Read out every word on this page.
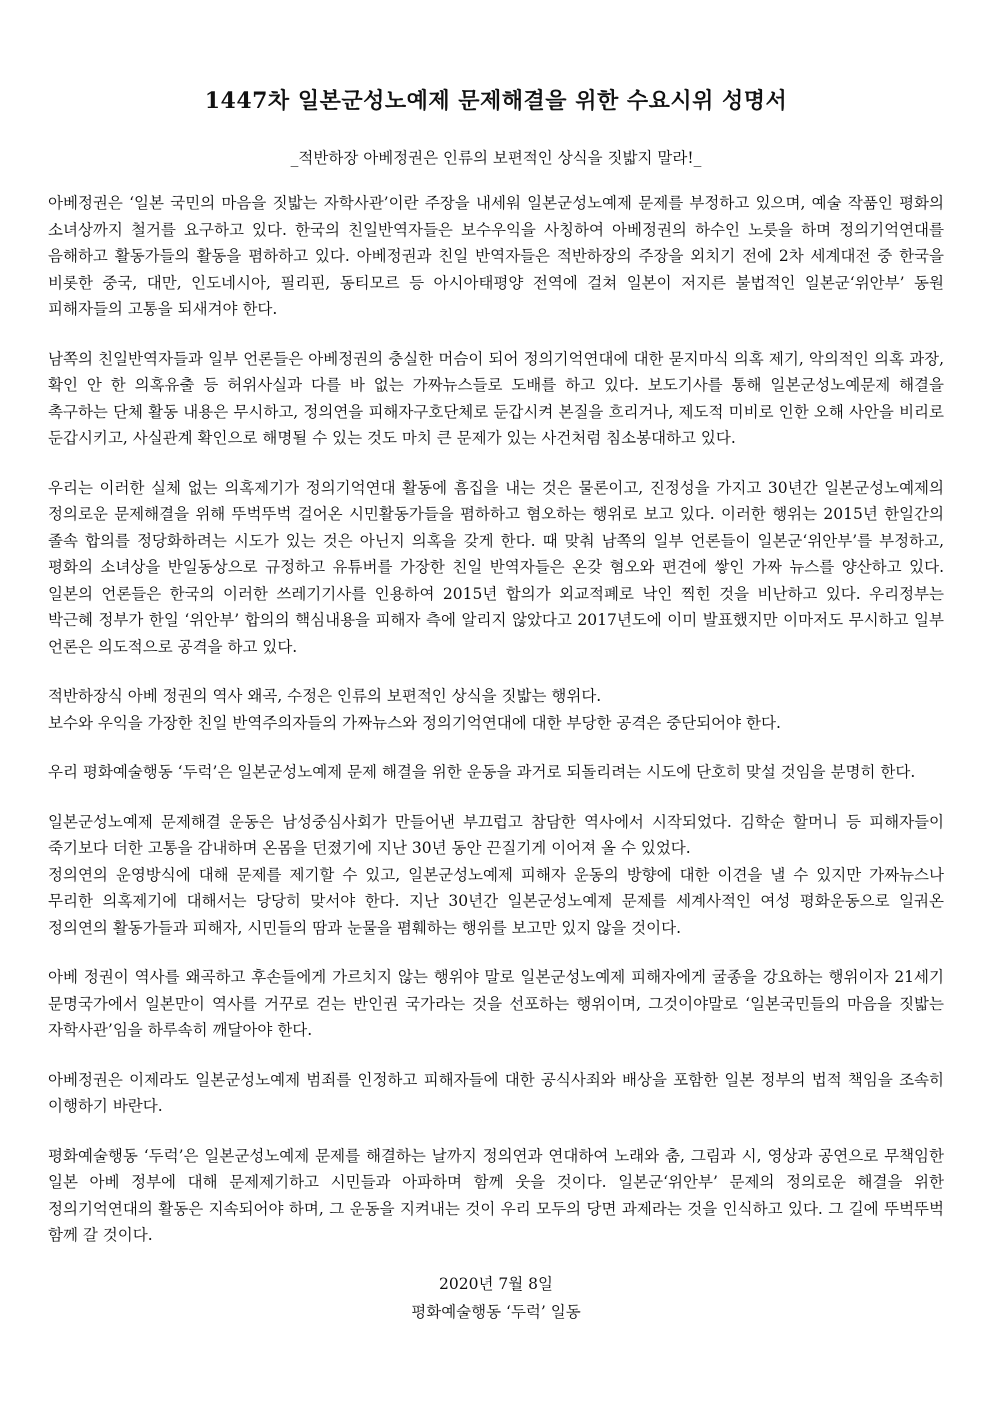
1447차 일본군성노예제 문제해결을 위한 수요시위 성명서
_적반하장 아베정권은 인류의 보편적인 상식을 짓밟지 말라!_

아베정권은 ‘일본 국민의 마음을 짓밟는 자학사관’이란 주장을 내세워 일본군성노예제 문제를 부정하고 있으며, 예술 작품인 평화의 소녀상까지 철거를 요구하고 있다. 한국의 친일반역자들은 보수우익을 사칭하여 아베정권의 하수인 노릇을 하며 정의기억연대를 음해하고 활동가들의 활동을 폄하하고 있다. 아베정권과 친일 반역자들은 적반하장의 주장을 외치기 전에 2차 세계대전 중 한국을 비롯한 중국, 대만, 인도네시아, 필리핀, 동티모르 등 아시아태평양 전역에 걸쳐 일본이 저지른 불법적인 일본군‘위안부’ 동원 피해자들의 고통을 되새겨야 한다.

남쪽의 친일반역자들과 일부 언론들은 아베정권의 충실한 머슴이 되어 정의기억연대에 대한 묻지마식 의혹 제기, 악의적인 의혹 과장, 확인 안 한 의혹유출 등 허위사실과 다를 바 없는 가짜뉴스들로 도배를 하고 있다. 보도기사를 통해 일본군성노예문제 해결을 촉구하는 단체 활동 내용은 무시하고, 정의연을 피해자구호단체로 둔갑시켜 본질을 흐리거나, 제도적 미비로 인한 오해 사안을 비리로 둔갑시키고, 사실관계 확인으로 해명될 수 있는 것도 마치 큰 문제가 있는 사건처럼 침소봉대하고 있다.

우리는 이러한 실체 없는 의혹제기가 정의기억연대 활동에 흠집을 내는 것은 물론이고, 진정성을 가지고 30년간 일본군성노예제의 정의로운 문제해결을 위해 뚜벅뚜벅 걸어온 시민활동가들을 폄하하고 혐오하는 행위로 보고 있다. 이러한 행위는 2015년 한일간의 졸속 합의를 정당화하려는 시도가 있는 것은 아닌지 의혹을 갖게 한다. 때 맞춰 남쪽의 일부 언론들이 일본군‘위안부’를 부정하고, 평화의 소녀상을 반일동상으로 규정하고 유튜버를 가장한 친일 반역자들은 온갖 혐오와 편견에 쌓인 가짜 뉴스를 양산하고 있다. 일본의 언론들은 한국의 이러한 쓰레기기사를 인용하여 2015년 합의가 외교적폐로 낙인 찍힌 것을 비난하고 있다. 우리정부는 박근혜 정부가 한일 ‘위안부’ 합의의 핵심내용을 피해자 측에 알리지 않았다고 2017년도에 이미 발표했지만 이마저도 무시하고 일부 언론은 의도적으로 공격을 하고 있다.

적반하장식 아베 정권의 역사 왜곡, 수정은 인류의 보편적인 상식을 짓밟는 행위다.

보수와 우익을 가장한 친일 반역주의자들의 가짜뉴스와 정의기억연대에 대한 부당한 공격은 중단되어야 한다.

우리 평화예술행동 ‘두럭’은 일본군성노예제 문제 해결을 위한 운동을 과거로 되돌리려는 시도에 단호히 맞설 것임을 분명히 한다.

일본군성노예제 문제해결 운동은 남성중심사회가 만들어낸 부끄럽고 참담한 역사에서 시작되었다. 김학순 할머니 등 피해자들이 죽기보다 더한 고통을 감내하며 온몸을 던졌기에 지난 30년 동안 끈질기게 이어져 올 수 있었다.

정의연의 운영방식에 대해 문제를 제기할 수 있고, 일본군성노예제 피해자 운동의 방향에 대한 이견을 낼 수 있지만 가짜뉴스나 무리한 의혹제기에 대해서는 당당히 맞서야 한다. 지난 30년간 일본군성노예제 문제를 세계사적인 여성 평화운동으로 일궈온 정의연의 활동가들과 피해자, 시민들의 땀과 눈물을 폄훼하는 행위를 보고만 있지 않을 것이다.

아베 정권이 역사를 왜곡하고 후손들에게 가르치지 않는 행위야 말로 일본군성노예제 피해자에게 굴종을 강요하는 행위이자 21세기 문명국가에서 일본만이 역사를 거꾸로 걷는 반인권 국가라는 것을 선포하는 행위이며, 그것이야말로 ‘일본국민들의 마음을 짓밟는 자학사관’임을 하루속히 깨달아야 한다.

아베정권은 이제라도 일본군성노예제 범죄를 인정하고 피해자들에 대한 공식사죄와 배상을 포함한 일본 정부의 법적 책임을 조속히 이행하기 바란다.

평화예술행동 ‘두럭’은 일본군성노예제 문제를 해결하는 날까지 정의연과 연대하여 노래와 춤, 그림과 시, 영상과 공연으로 무책임한 일본 아베 정부에 대해 문제제기하고 시민들과 아파하며 함께 웃을 것이다. 일본군‘위안부’ 문제의 정의로운 해결을 위한 정의기억연대의 활동은 지속되어야 하며, 그 운동을 지켜내는 것이 우리 모두의 당면 과제라는 것을 인식하고 있다. 그 길에 뚜벅뚜벅 함께 갈 것이다.

2020년 7월 8일
평화예술행동 ‘두럭’ 일동
